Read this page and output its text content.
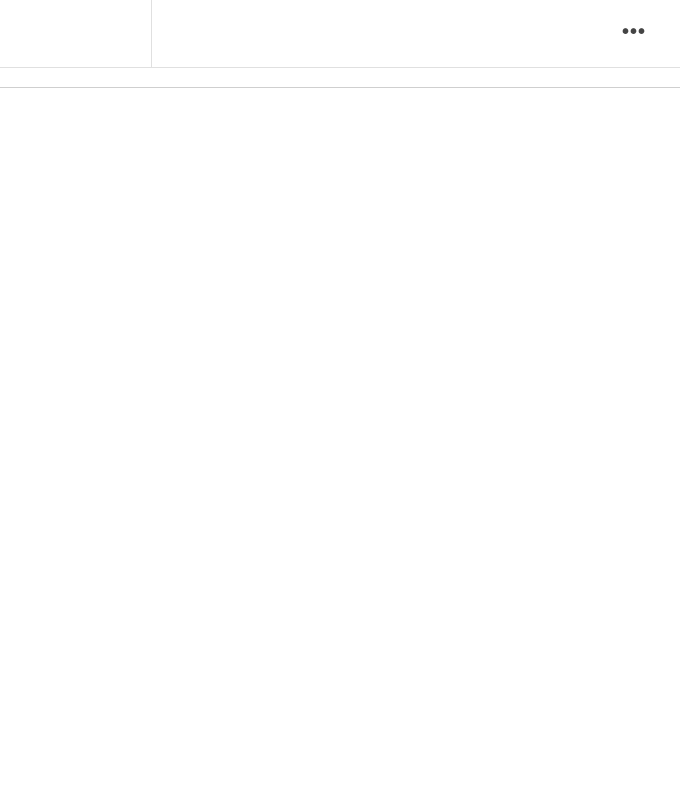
•••
